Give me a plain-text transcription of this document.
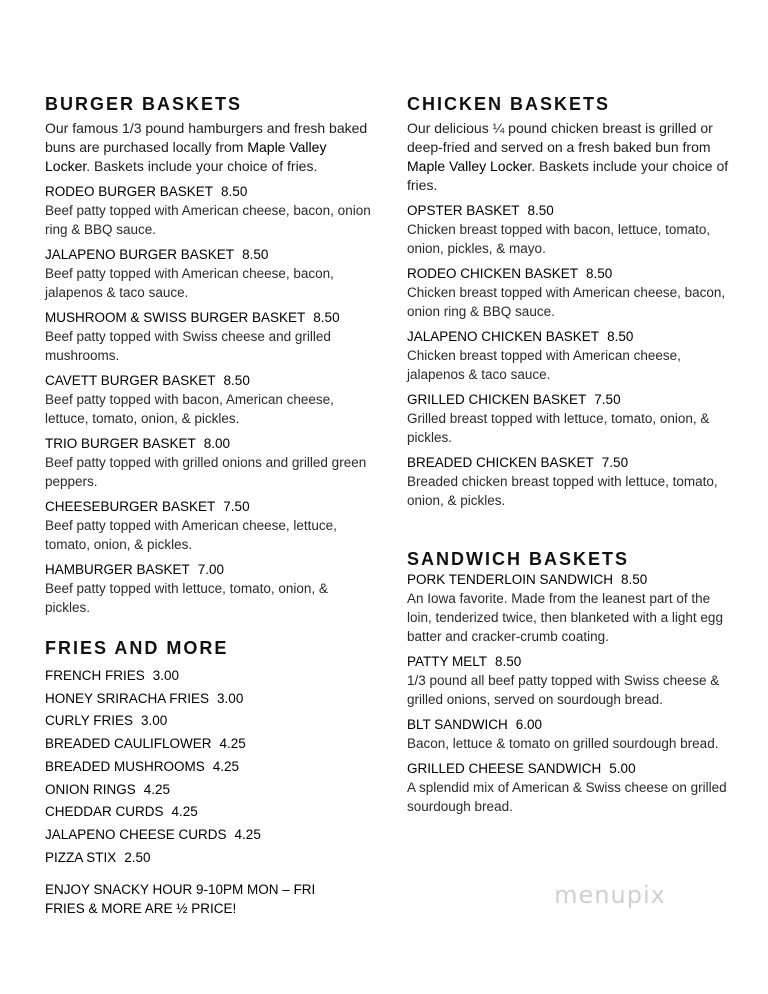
BURGER BASKETS
Our famous 1/3 pound hamburgers and fresh baked buns are purchased locally from Maple Valley Locker. Baskets include your choice of fries.
RODEO BURGER BASKET 8.50
Beef patty topped with American cheese, bacon, onion ring & BBQ sauce.
JALAPENO BURGER BASKET 8.50
Beef patty topped with American cheese, bacon, jalapenos & taco sauce.
MUSHROOM & SWISS BURGER BASKET 8.50
Beef patty topped with Swiss cheese and grilled mushrooms.
CAVETT BURGER BASKET 8.50
Beef patty topped with bacon, American cheese, lettuce, tomato, onion, & pickles.
TRIO BURGER BASKET 8.00
Beef patty topped with grilled onions and grilled green peppers.
CHEESEBURGER BASKET 7.50
Beef patty topped with American cheese, lettuce, tomato, onion, & pickles.
HAMBURGER BASKET 7.00
Beef patty topped with lettuce, tomato, onion, & pickles.
FRIES AND MORE
FRENCH FRIES 3.00
HONEY SRIRACHA FRIES 3.00
CURLY FRIES 3.00
BREADED CAULIFLOWER 4.25
BREADED MUSHROOMS 4.25
ONION RINGS 4.25
CHEDDAR CURDS 4.25
JALAPENO CHEESE CURDS 4.25
PIZZA STIX 2.50
ENJOY SNACKY HOUR 9-10PM MON – FRI
FRIES & MORE ARE ½ PRICE!
CHICKEN BASKETS
Our delicious ¼ pound chicken breast is grilled or deep-fried and served on a fresh baked bun from Maple Valley Locker. Baskets include your choice of fries.
OPSTER BASKET 8.50
Chicken breast topped with bacon, lettuce, tomato, onion, pickles, & mayo.
RODEO CHICKEN BASKET 8.50
Chicken breast topped with American cheese, bacon, onion ring & BBQ sauce.
JALAPENO CHICKEN BASKET 8.50
Chicken breast topped with American cheese, jalapenos & taco sauce.
GRILLED CHICKEN BASKET 7.50
Grilled breast topped with lettuce, tomato, onion, & pickles.
BREADED CHICKEN BASKET 7.50
Breaded chicken breast topped with lettuce, tomato, onion, & pickles.
SANDWICH BASKETS
PORK TENDERLOIN SANDWICH 8.50
An Iowa favorite. Made from the leanest part of the loin, tenderized twice, then blanketed with a light egg batter and cracker-crumb coating.
PATTY MELT 8.50
1/3 pound all beef patty topped with Swiss cheese & grilled onions, served on sourdough bread.
BLT SANDWICH 6.00
Bacon, lettuce & tomato on grilled sourdough bread.
GRILLED CHEESE SANDWICH 5.00
A splendid mix of American & Swiss cheese on grilled sourdough bread.
menupix
